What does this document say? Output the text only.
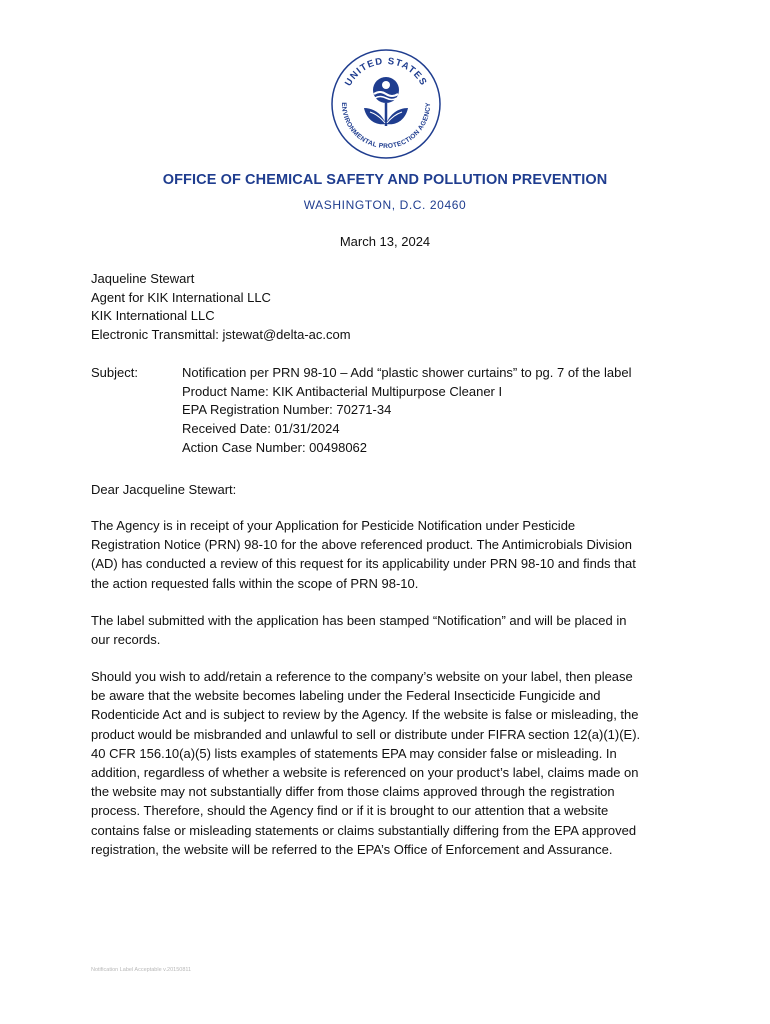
UNITED STATES
ENVIRONMENTAL PROTECTION AGENCY
OFFICE OF CHEMICAL SAFETY AND POLLUTION PREVENTION
WASHINGTON, D.C. 20460
March 13, 2024
Jaqueline Stewart
Agent for KIK International LLC
KIK International LLC
Electronic Transmittal: jstewat@delta-ac.com
Subject:	Notification per PRN 98-10 – Add “plastic shower curtains” to pg. 7 of the label
Product Name: KIK Antibacterial Multipurpose Cleaner I
EPA Registration Number: 70271-34
Received Date: 01/31/2024
Action Case Number: 00498062
Dear Jacqueline Stewart:
The Agency is in receipt of your Application for Pesticide Notification under Pesticide
Registration Notice (PRN) 98-10 for the above referenced product. The Antimicrobials Division
(AD) has conducted a review of this request for its applicability under PRN 98-10 and finds that
the action requested falls within the scope of PRN 98-10.
The label submitted with the application has been stamped “Notification” and will be placed in
our records.
Should you wish to add/retain a reference to the company’s website on your label, then please
be aware that the website becomes labeling under the Federal Insecticide Fungicide and
Rodenticide Act and is subject to review by the Agency. If the website is false or misleading, the
product would be misbranded and unlawful to sell or distribute under FIFRA section 12(a)(1)(E).
40 CFR 156.10(a)(5) lists examples of statements EPA may consider false or misleading. In
addition, regardless of whether a website is referenced on your product’s label, claims made on
the website may not substantially differ from those claims approved through the registration
process. Therefore, should the Agency find or if it is brought to our attention that a website
contains false or misleading statements or claims substantially differing from the EPA approved
registration, the website will be referred to the EPA’s Office of Enforcement and Assurance.
Notification Label Acceptable v.20150811
